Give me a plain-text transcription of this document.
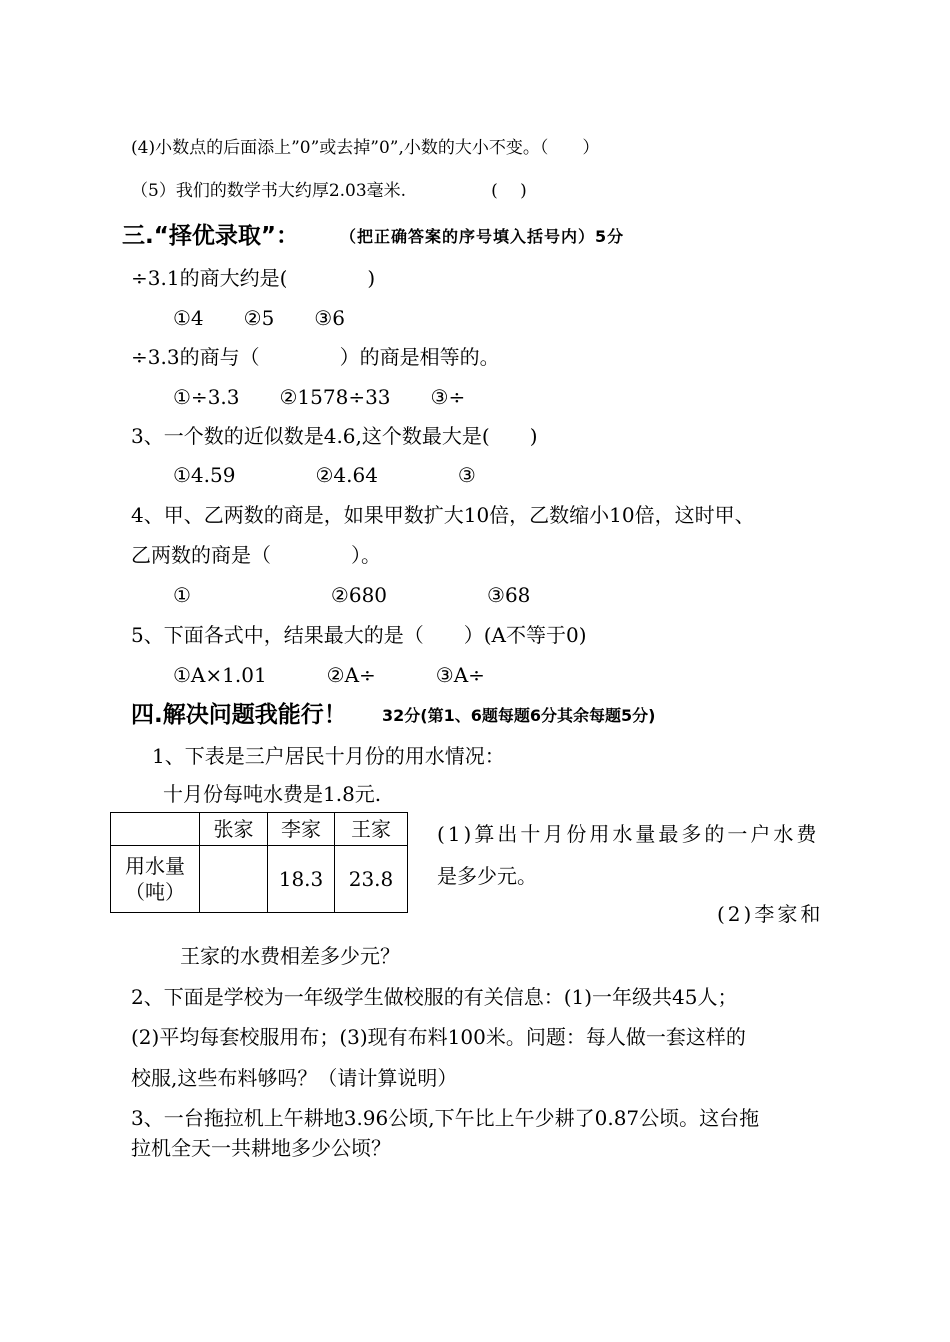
(4)小数点的后面添上”0”或去掉”0”,小数的大小不变。（　　）
（5）我们的数学书大约厚2.03毫米.　　　　　(　 )
三.“择优录取”：	（把正确答案的序号填入括号内）5分
÷3.1的商大约是(　　　　)
①4　　②5　　③6
÷3.3的商与（　　　　）的商是相等的。
①÷3.3　　②1578÷33　　③÷
3、一个数的近似数是4.6,这个数最大是(　　)
①4.59　　　　②4.64　　　　③
4、甲、乙两数的商是，如果甲数扩大10倍，乙数缩小10倍，这时甲、
乙两数的商是（　　　　）。
①　　　　　　　②680　　　　　③68
5、下面各式中，结果最大的是（　　）(A不等于0)
①A×1.01　　　②A÷　　　③A÷
四.解决问题我能行！ 32分(第1、6题每题6分其余每题5分)
1、下表是三户居民十月份的用水情况：
十月份每吨水费是1.8元.
	张家	李家	王家

用水量
（吨）		18.3	23.8
(1)算出十月份用水量最多的一户水费
是多少元。
(2)李家和
王家的水费相差多少元？
2、下面是学校为一年级学生做校服的有关信息：(1)一年级共45人；
(2)平均每套校服用布；(3)现有布料100米。问题：每人做一套这样的
校服,这些布料够吗？（请计算说明）
3、一台拖拉机上午耕地3.96公顷,下午比上午少耕了0.87公顷。这台拖
拉机全天一共耕地多少公顷？
